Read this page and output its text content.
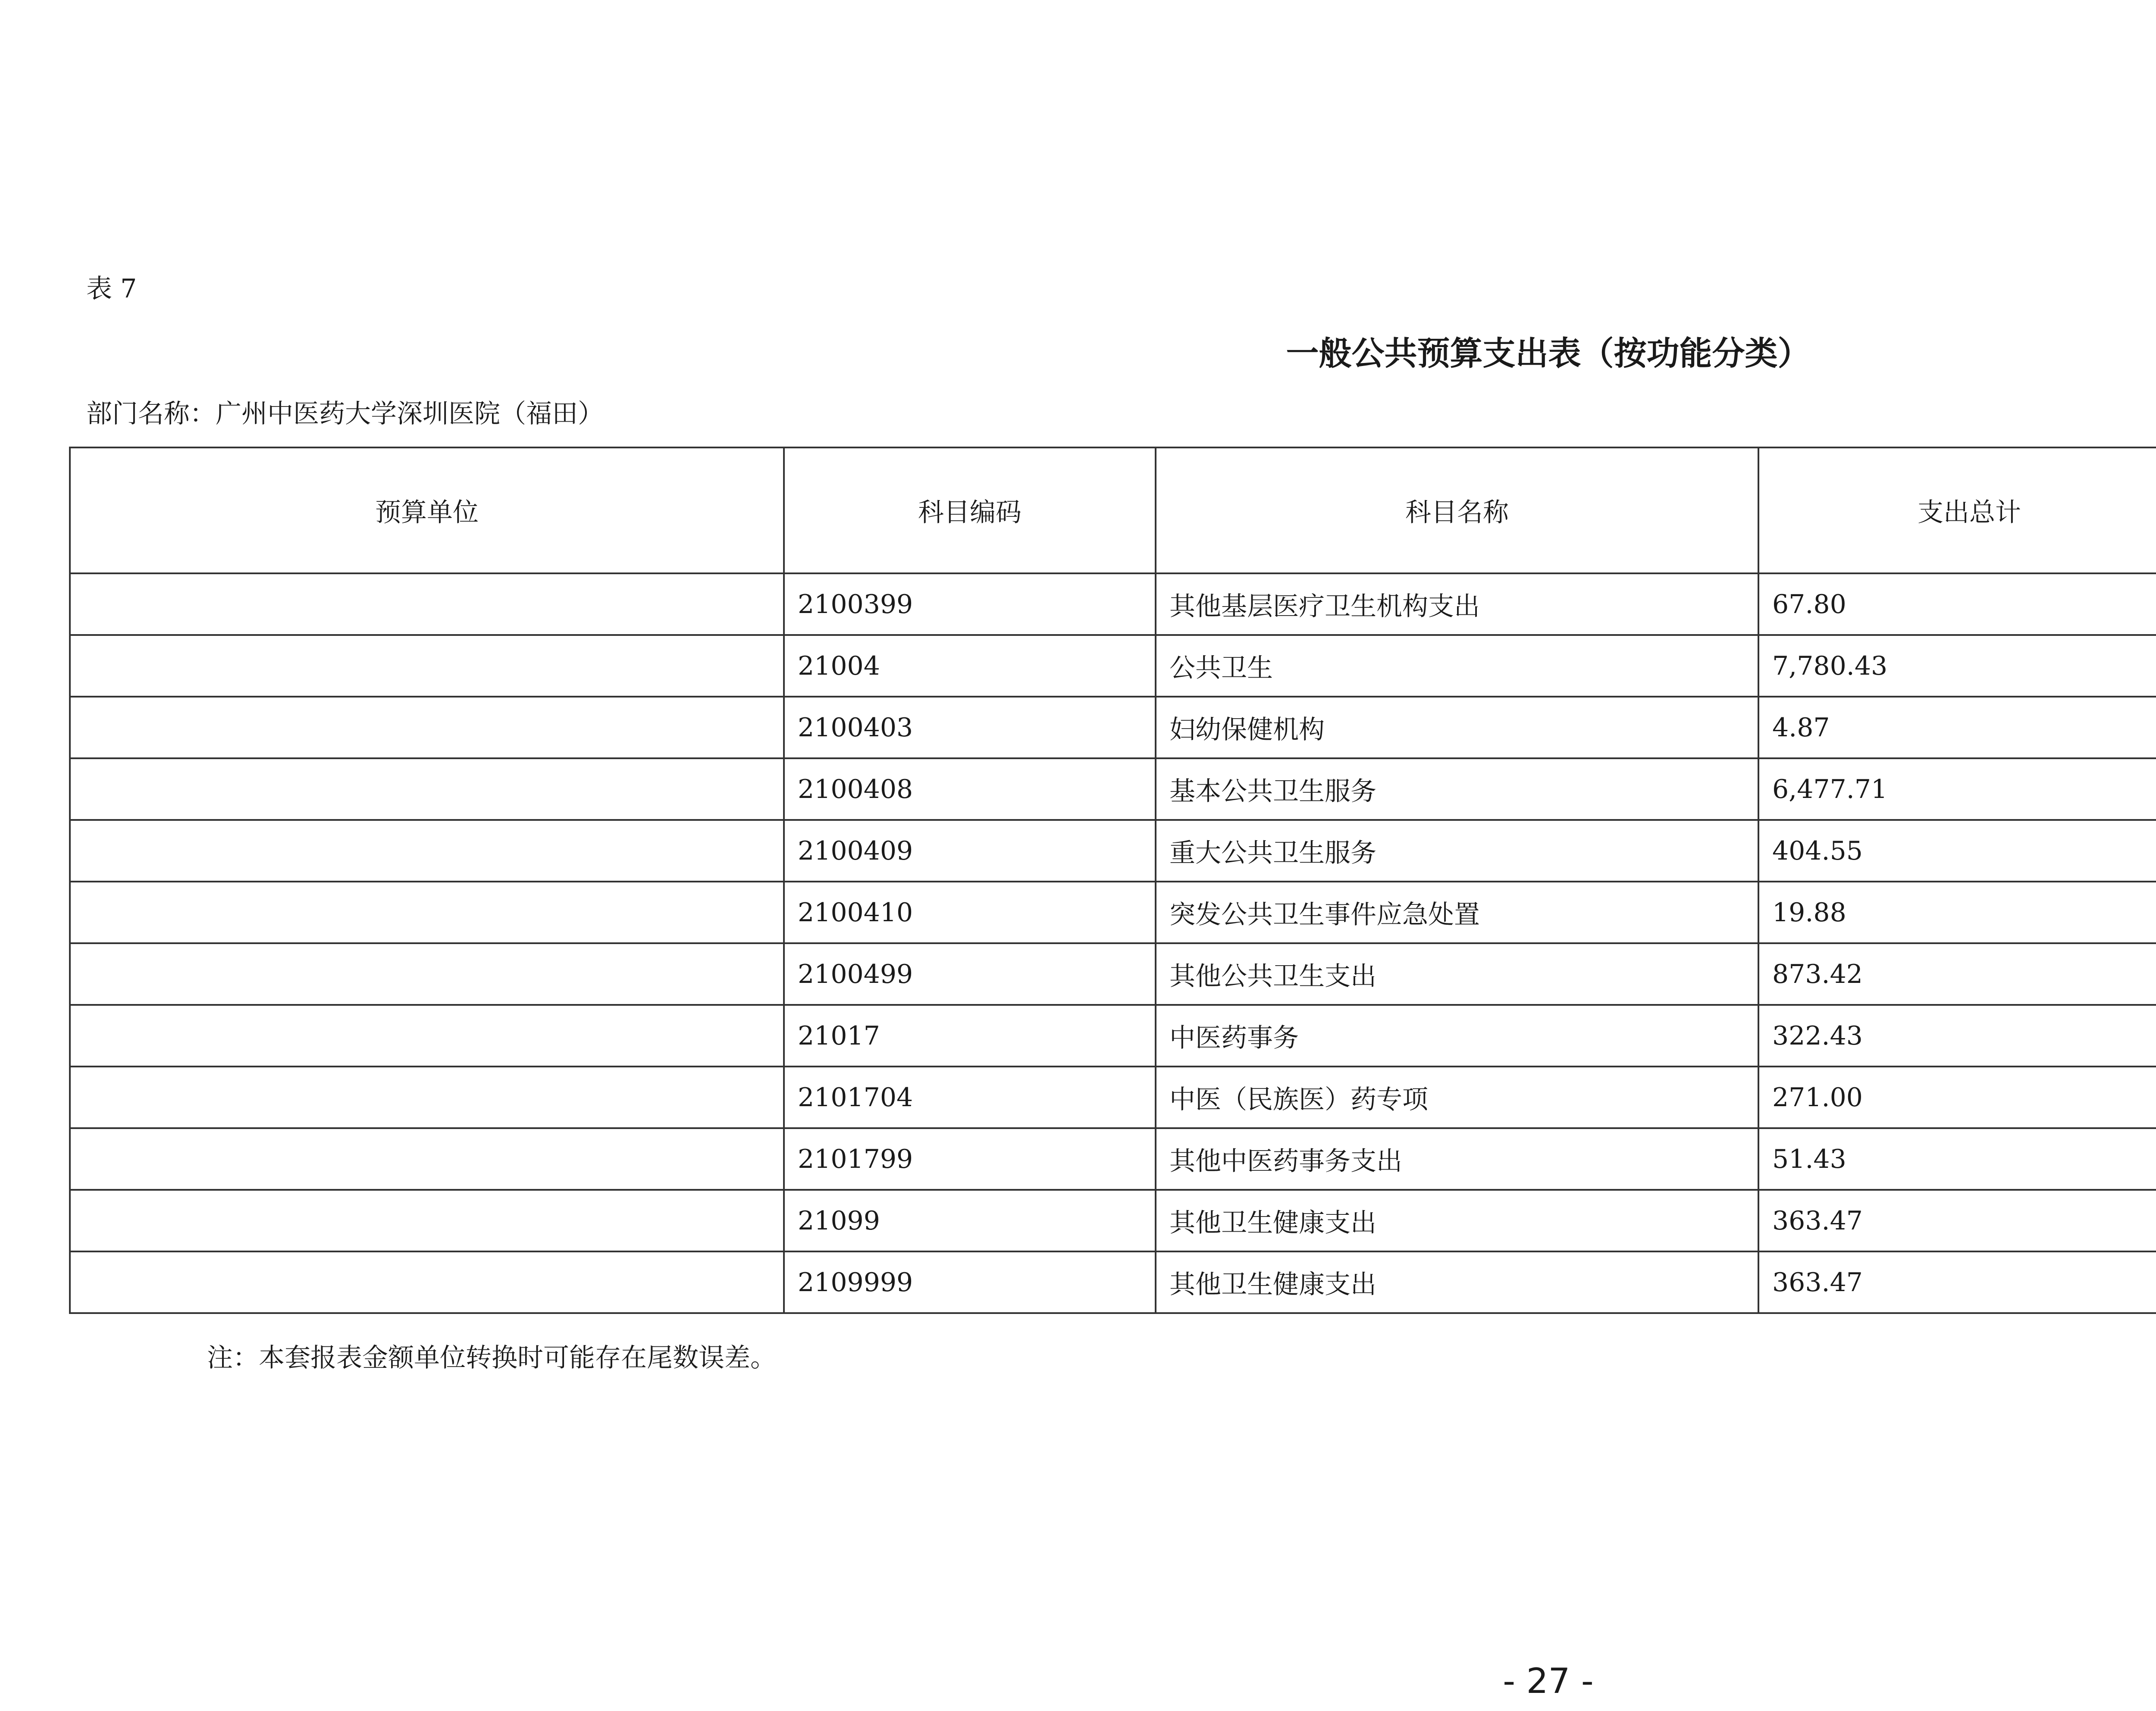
表 7
一般公共预算支出表（按功能分类）
部门名称：广州中医药大学深圳医院（福田）
预算单位	科目编码	科目名称	支出总计		
	2100399	其他基层医疗卫生机构支出	67.80		
	21004	公共卫生	7,780.43		
	2100403	妇幼保健机构	4.87		
	2100408	基本公共卫生服务	6,477.71		
	2100409	重大公共卫生服务	404.55		
	2100410	突发公共卫生事件应急处置	19.88		
	2100499	其他公共卫生支出	873.42		
	21017	中医药事务	322.43		
	2101704	中医（民族医）药专项	271.00		
	2101799	其他中医药事务支出	51.43		
	21099	其他卫生健康支出	363.47		
	2109999	其他卫生健康支出	363.47		
注：本套报表金额单位转换时可能存在尾数误差。
- 27 -
